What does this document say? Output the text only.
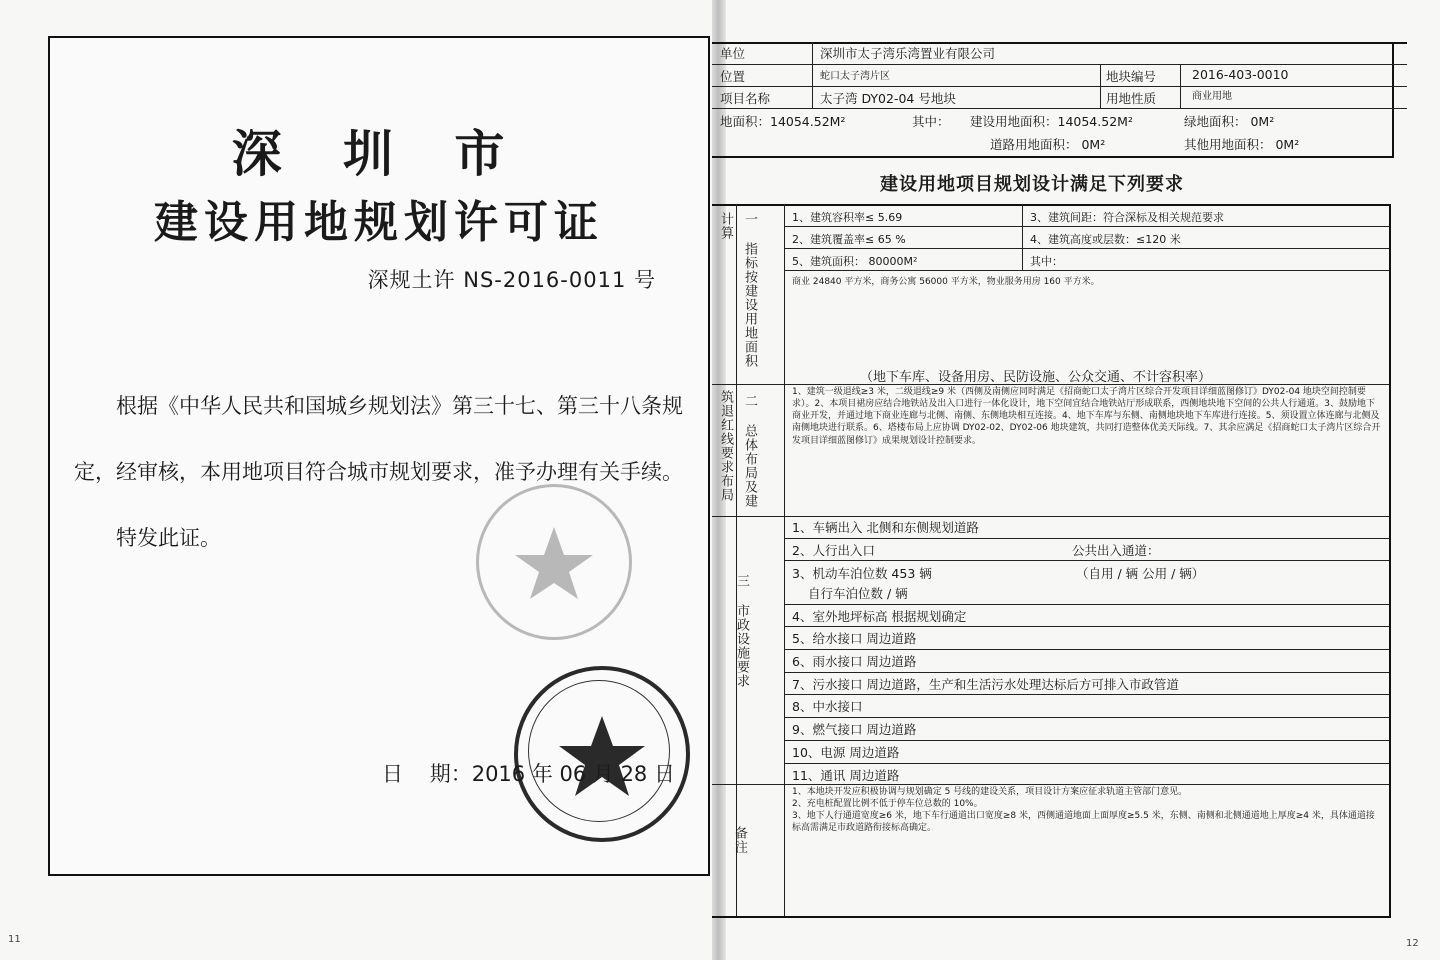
深 圳 市
建设用地规划许可证
深规土许 NS-2016-0011 号
根据《中华人民共和国城乡规划法》第三十七、第三十八条规
定，经审核，本用地项目符合城市规划要求，准予办理有关手续。
特发此证。
日    期：2016 年 06 月 28 日
11
单位	深圳市太子湾乐湾置业有限公司
位置	蛇口太子湾片区	地块编号	2016-403-0010
项目名称	太子湾 DY02-04 号地块	用地性质	商业用地
地面积：14054.52M²	其中： 建设用地面积：14054.52M²	绿地面积： 0M²
道路用地面积： 0M²	其他用地面积： 0M²
建设用地项目规划设计满足下列要求
计算 一 指标按建设用地面积	1、建筑容积率≤ 5.69	3、建筑间距：符合深标及相关规范要求
2、建筑覆盖率≤ 65 %	4、建筑高度或层数：≤120 米
5、建筑面积： 80000M²	其中：
商业 24840 平方米，商务公寓 56000 平方米，物业服务用房 160 平方米。
（地下车库、设备用房、民防设施、公众交通、不计容积率）
筑退红线要求布局 二 总体布局及建
1、建筑一级退线≥3 米，二级退线≥9 米（西侧及南侧应同时满足《招商蛇口太子湾片区综合开发项目详细蓝图修订》DY02-04 地块空间控制要求）。2、本项目裙房应结合地铁站及出入口进行一体化设计，地下空间宜结合地铁站厅形成联系，西侧地块地下空间的公共人行通道。3、鼓励地下商业开发，并通过地下商业连廊与北侧、南侧、东侧地块相互连接。4、地下车库与东侧、南侧地块地下车库进行连接。5、须设置立体连廊与北侧及南侧地块进行联系。6、塔楼布局上应协调 DY02-02、DY02-06 地块建筑，共同打造整体优美天际线。7、其余应满足《招商蛇口太子湾片区综合开发项目详细蓝图修订》成果规划设计控制要求。
三 市政设施要求
1、车辆出入 北侧和东侧规划道路
2、人行出入口	公共出入通道：
3、机动车泊位数 453 辆	（自用 / 辆 公用 / 辆）
自行车泊位数 / 辆
4、室外地坪标高 根据规划确定
5、给水接口 周边道路
6、雨水接口 周边道路
7、污水接口 周边道路，生产和生活污水处理达标后方可排入市政管道
8、中水接口
9、燃气接口 周边道路
10、电源 周边道路
11、通讯 周边道路
备注
1、本地块开发应积极协调与规划确定 5 号线的建设关系，项目设计方案应征求轨道主管部门意见。
2、充电桩配置比例不低于停车位总数的 10%。
3、地下人行通道宽度≥6 米，地下车行通道出口宽度≥8 米，西侧通道地面上面厚度≥5.5 米，东侧、南侧和北侧通道地上厚度≥4 米，具体通道接标高需满足市政道路衔接标高确定。
12
